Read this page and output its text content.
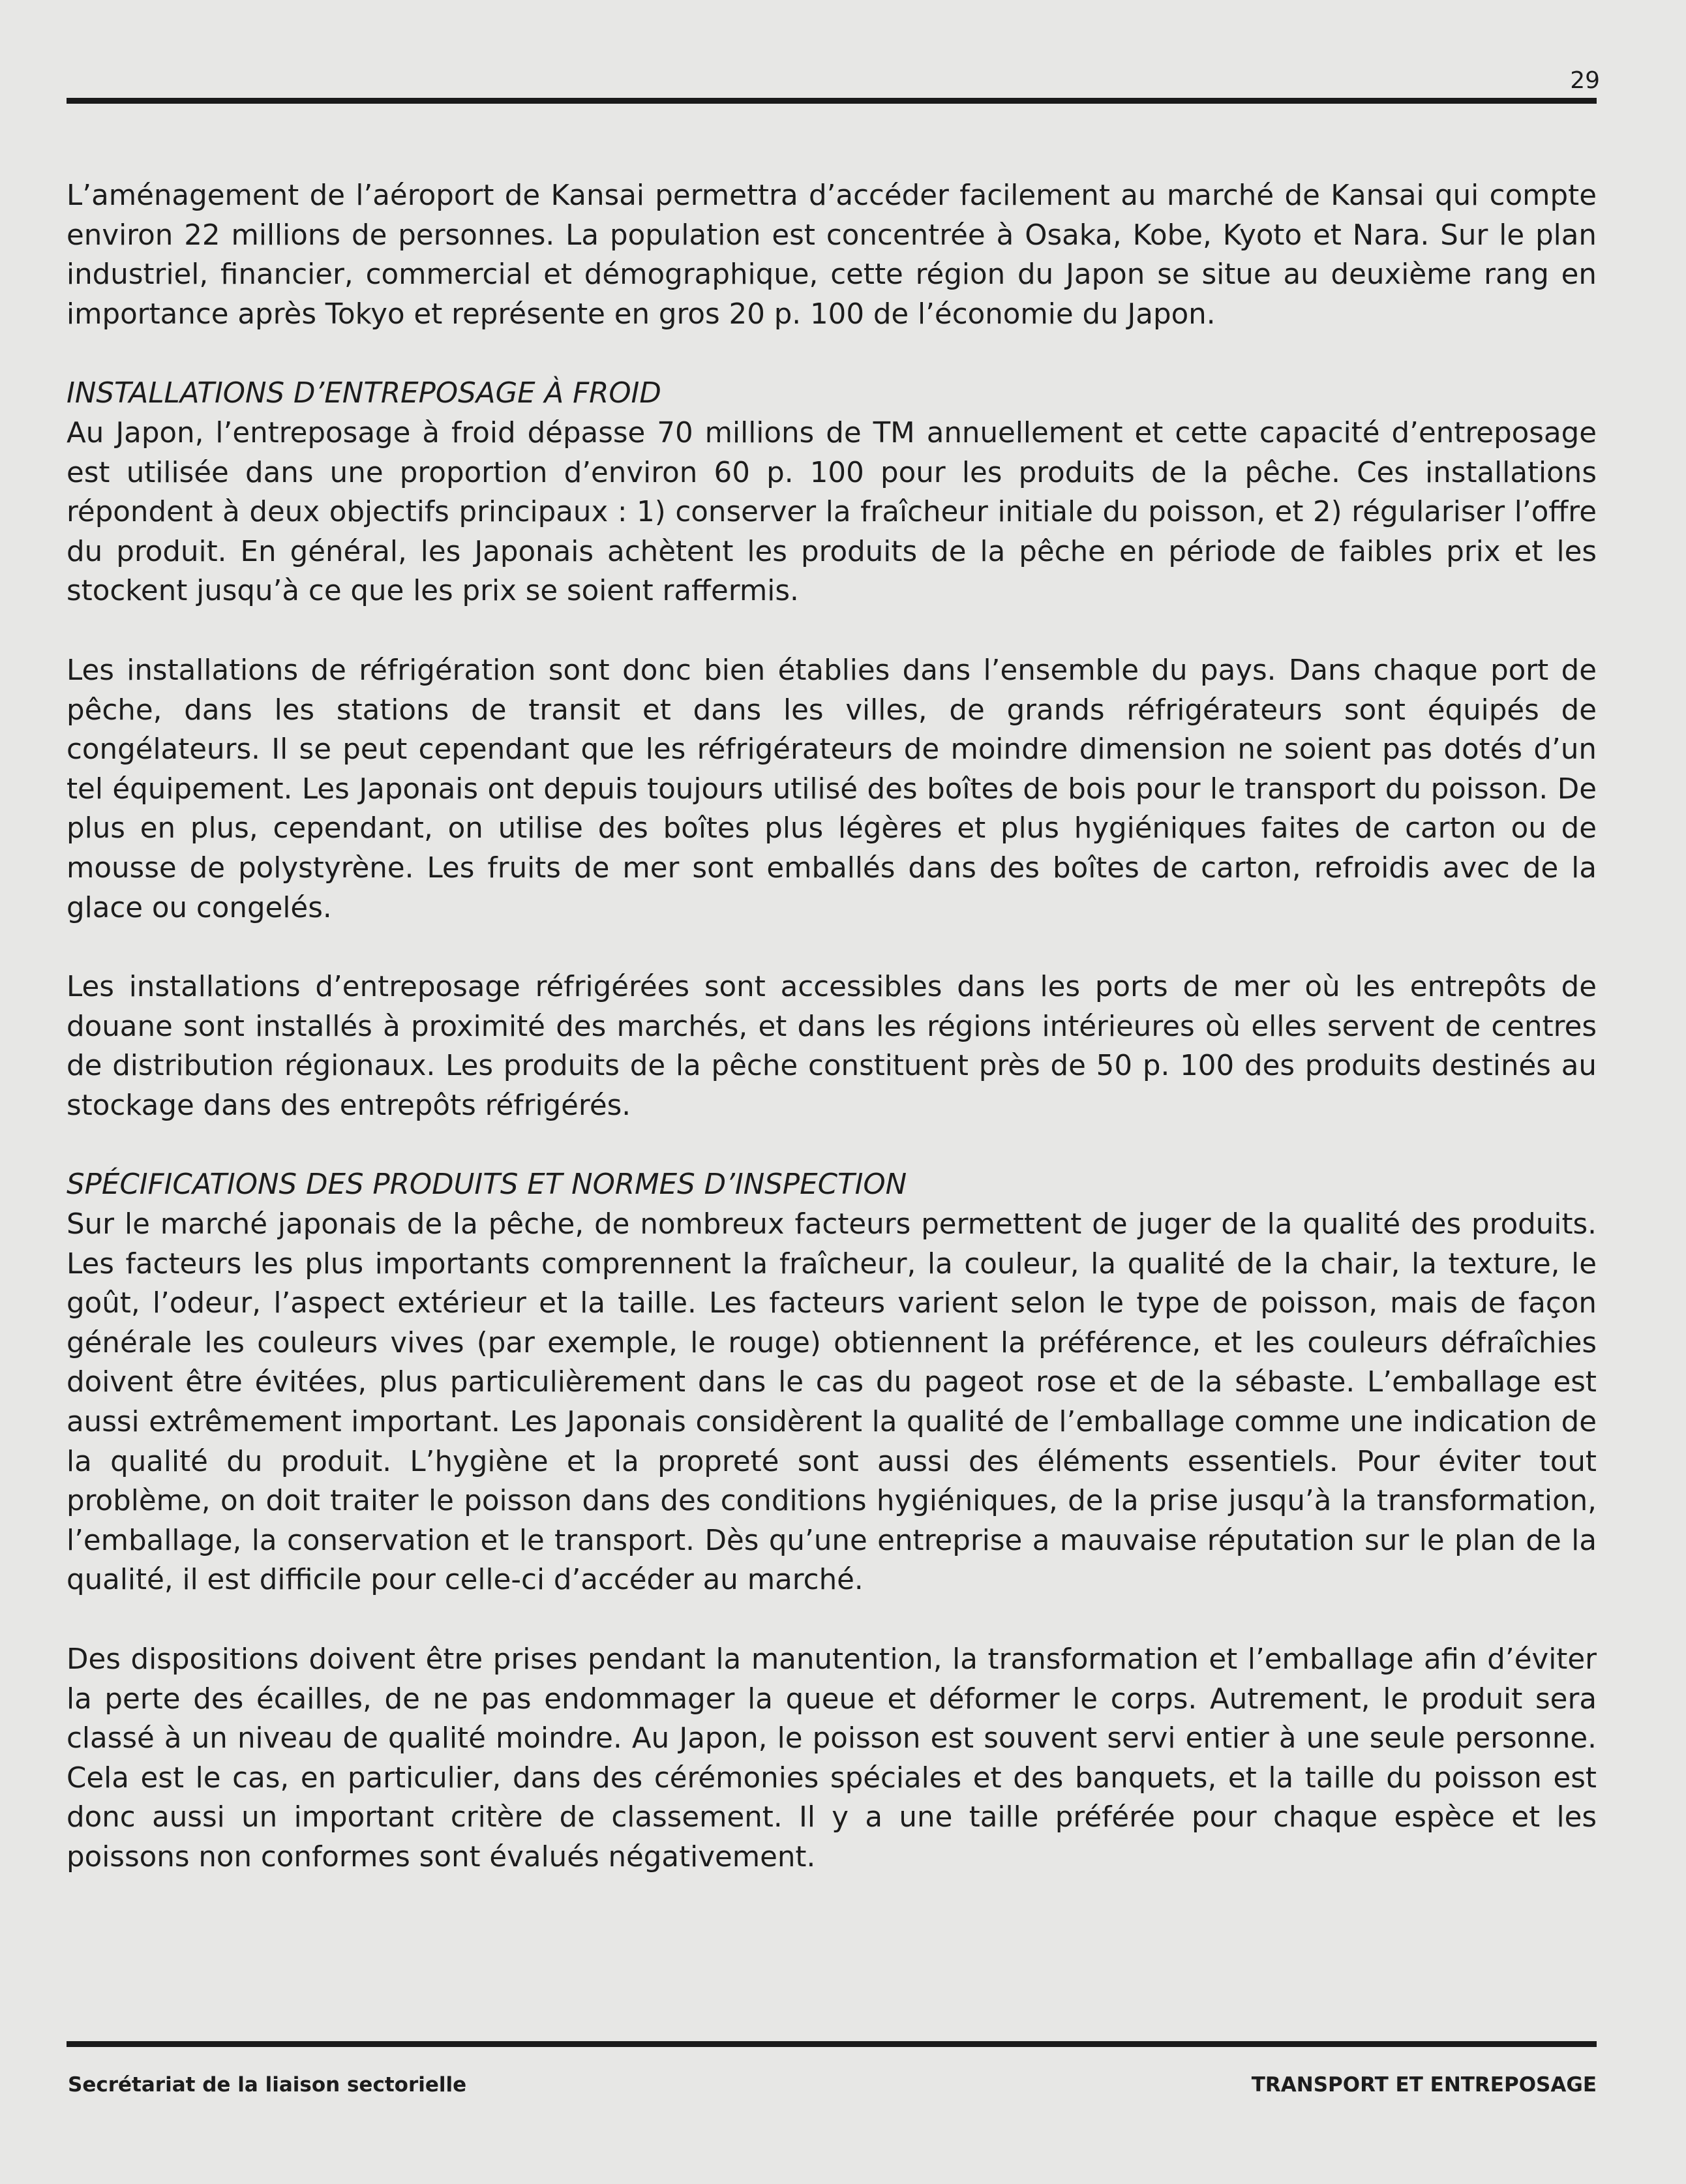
29

L’aménagement de l’aéroport de Kansai permettra d’accéder facilement au marché de Kansai qui compte environ 22 millions de personnes. La population est concentrée à Osaka, Kobe, Kyoto et Nara. Sur le plan industriel, financier, commercial et démographique, cette région du Japon se situe au deuxième rang en importance après Tokyo et représente en gros 20 p. 100 de l’économie du Japon.

INSTALLATIONS D’ENTREPOSAGE À FROID

Au Japon, l’entreposage à froid dépasse 70 millions de TM annuellement et cette capacité d’entreposage est utilisée dans une proportion d’environ 60 p. 100 pour les produits de la pêche. Ces installations répondent à deux objectifs principaux : 1) conserver la fraîcheur initiale du poisson, et 2) régulariser l’offre du produit. En général, les Japonais achètent les produits de la pêche en période de faibles prix et les stockent jusqu’à ce que les prix se soient raffermis.

Les installations de réfrigération sont donc bien établies dans l’ensemble du pays. Dans chaque port de pêche, dans les stations de transit et dans les villes, de grands réfrigérateurs sont équipés de congélateurs. Il se peut cependant que les réfrigérateurs de moindre dimension ne soient pas dotés d’un tel équipement. Les Japonais ont depuis toujours utilisé des boîtes de bois pour le transport du poisson. De plus en plus, cependant, on utilise des boîtes plus légères et plus hygiéniques faites de carton ou de mousse de polystyrène. Les fruits de mer sont emballés dans des boîtes de carton, refroidis avec de la glace ou congelés.

Les installations d’entreposage réfrigérées sont accessibles dans les ports de mer où les entrepôts de douane sont installés à proximité des marchés, et dans les régions intérieures où elles servent de centres de distribution régionaux. Les produits de la pêche constituent près de 50 p. 100 des produits destinés au stockage dans des entrepôts réfrigérés.

SPÉCIFICATIONS DES PRODUITS ET NORMES D’INSPECTION

Sur le marché japonais de la pêche, de nombreux facteurs permettent de juger de la qualité des produits. Les facteurs les plus importants comprennent la fraîcheur, la couleur, la qualité de la chair, la texture, le goût, l’odeur, l’aspect extérieur et la taille. Les facteurs varient selon le type de poisson, mais de façon générale les couleurs vives (par exemple, le rouge) obtiennent la préférence, et les couleurs défraîchies doivent être évitées, plus particulièrement dans le cas du pageot rose et de la sébaste. L’emballage est aussi extrêmement important. Les Japonais considèrent la qualité de l’emballage comme une indication de la qualité du produit. L’hygiène et la propreté sont aussi des éléments essentiels. Pour éviter tout problème, on doit traiter le poisson dans des conditions hygiéniques, de la prise jusqu’à la transformation, l’emballage, la conservation et le transport. Dès qu’une entreprise a mauvaise réputation sur le plan de la qualité, il est difficile pour celle-ci d’accéder au marché.

Des dispositions doivent être prises pendant la manutention, la transformation et l’emballage afin d’éviter la perte des écailles, de ne pas endommager la queue et déformer le corps. Autrement, le produit sera classé à un niveau de qualité moindre. Au Japon, le poisson est souvent servi entier à une seule personne. Cela est le cas, en particulier, dans des cérémonies spéciales et des banquets, et la taille du poisson est donc aussi un important critère de classement. Il y a une taille préférée pour chaque espèce et les poissons non conformes sont évalués négativement.

Secrétariat de la liaison sectorielle	TRANSPORT ET ENTREPOSAGE
